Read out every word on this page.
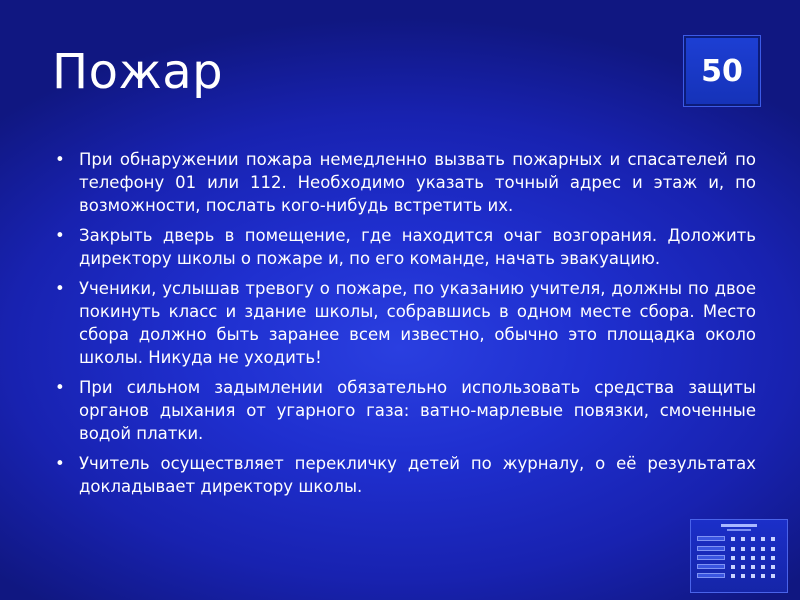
Пожар	50
• При обнаружении пожара немедленно вызвать пожарных и спасателей по телефону 01 или 112. Необходимо указать точный адрес и этаж и, по возможности, послать кого-нибудь встретить их.
• Закрыть дверь в помещение, где находится очаг возгорания. Доложить директору школы о пожаре и, по его команде, начать эвакуацию.
• Ученики, услышав тревогу о пожаре, по указанию учителя, должны по двое покинуть класс и здание школы, собравшись в одном месте сбора. Место сбора должно быть заранее всем известно, обычно это площадка около школы. Никуда не уходить!
• При сильном задымлении обязательно использовать средства защиты органов дыхания от угарного газа: ватно-марлевые повязки, смоченные водой платки.
• Учитель осуществляет перекличку детей по журналу, о её результатах докладывает директору школы.
